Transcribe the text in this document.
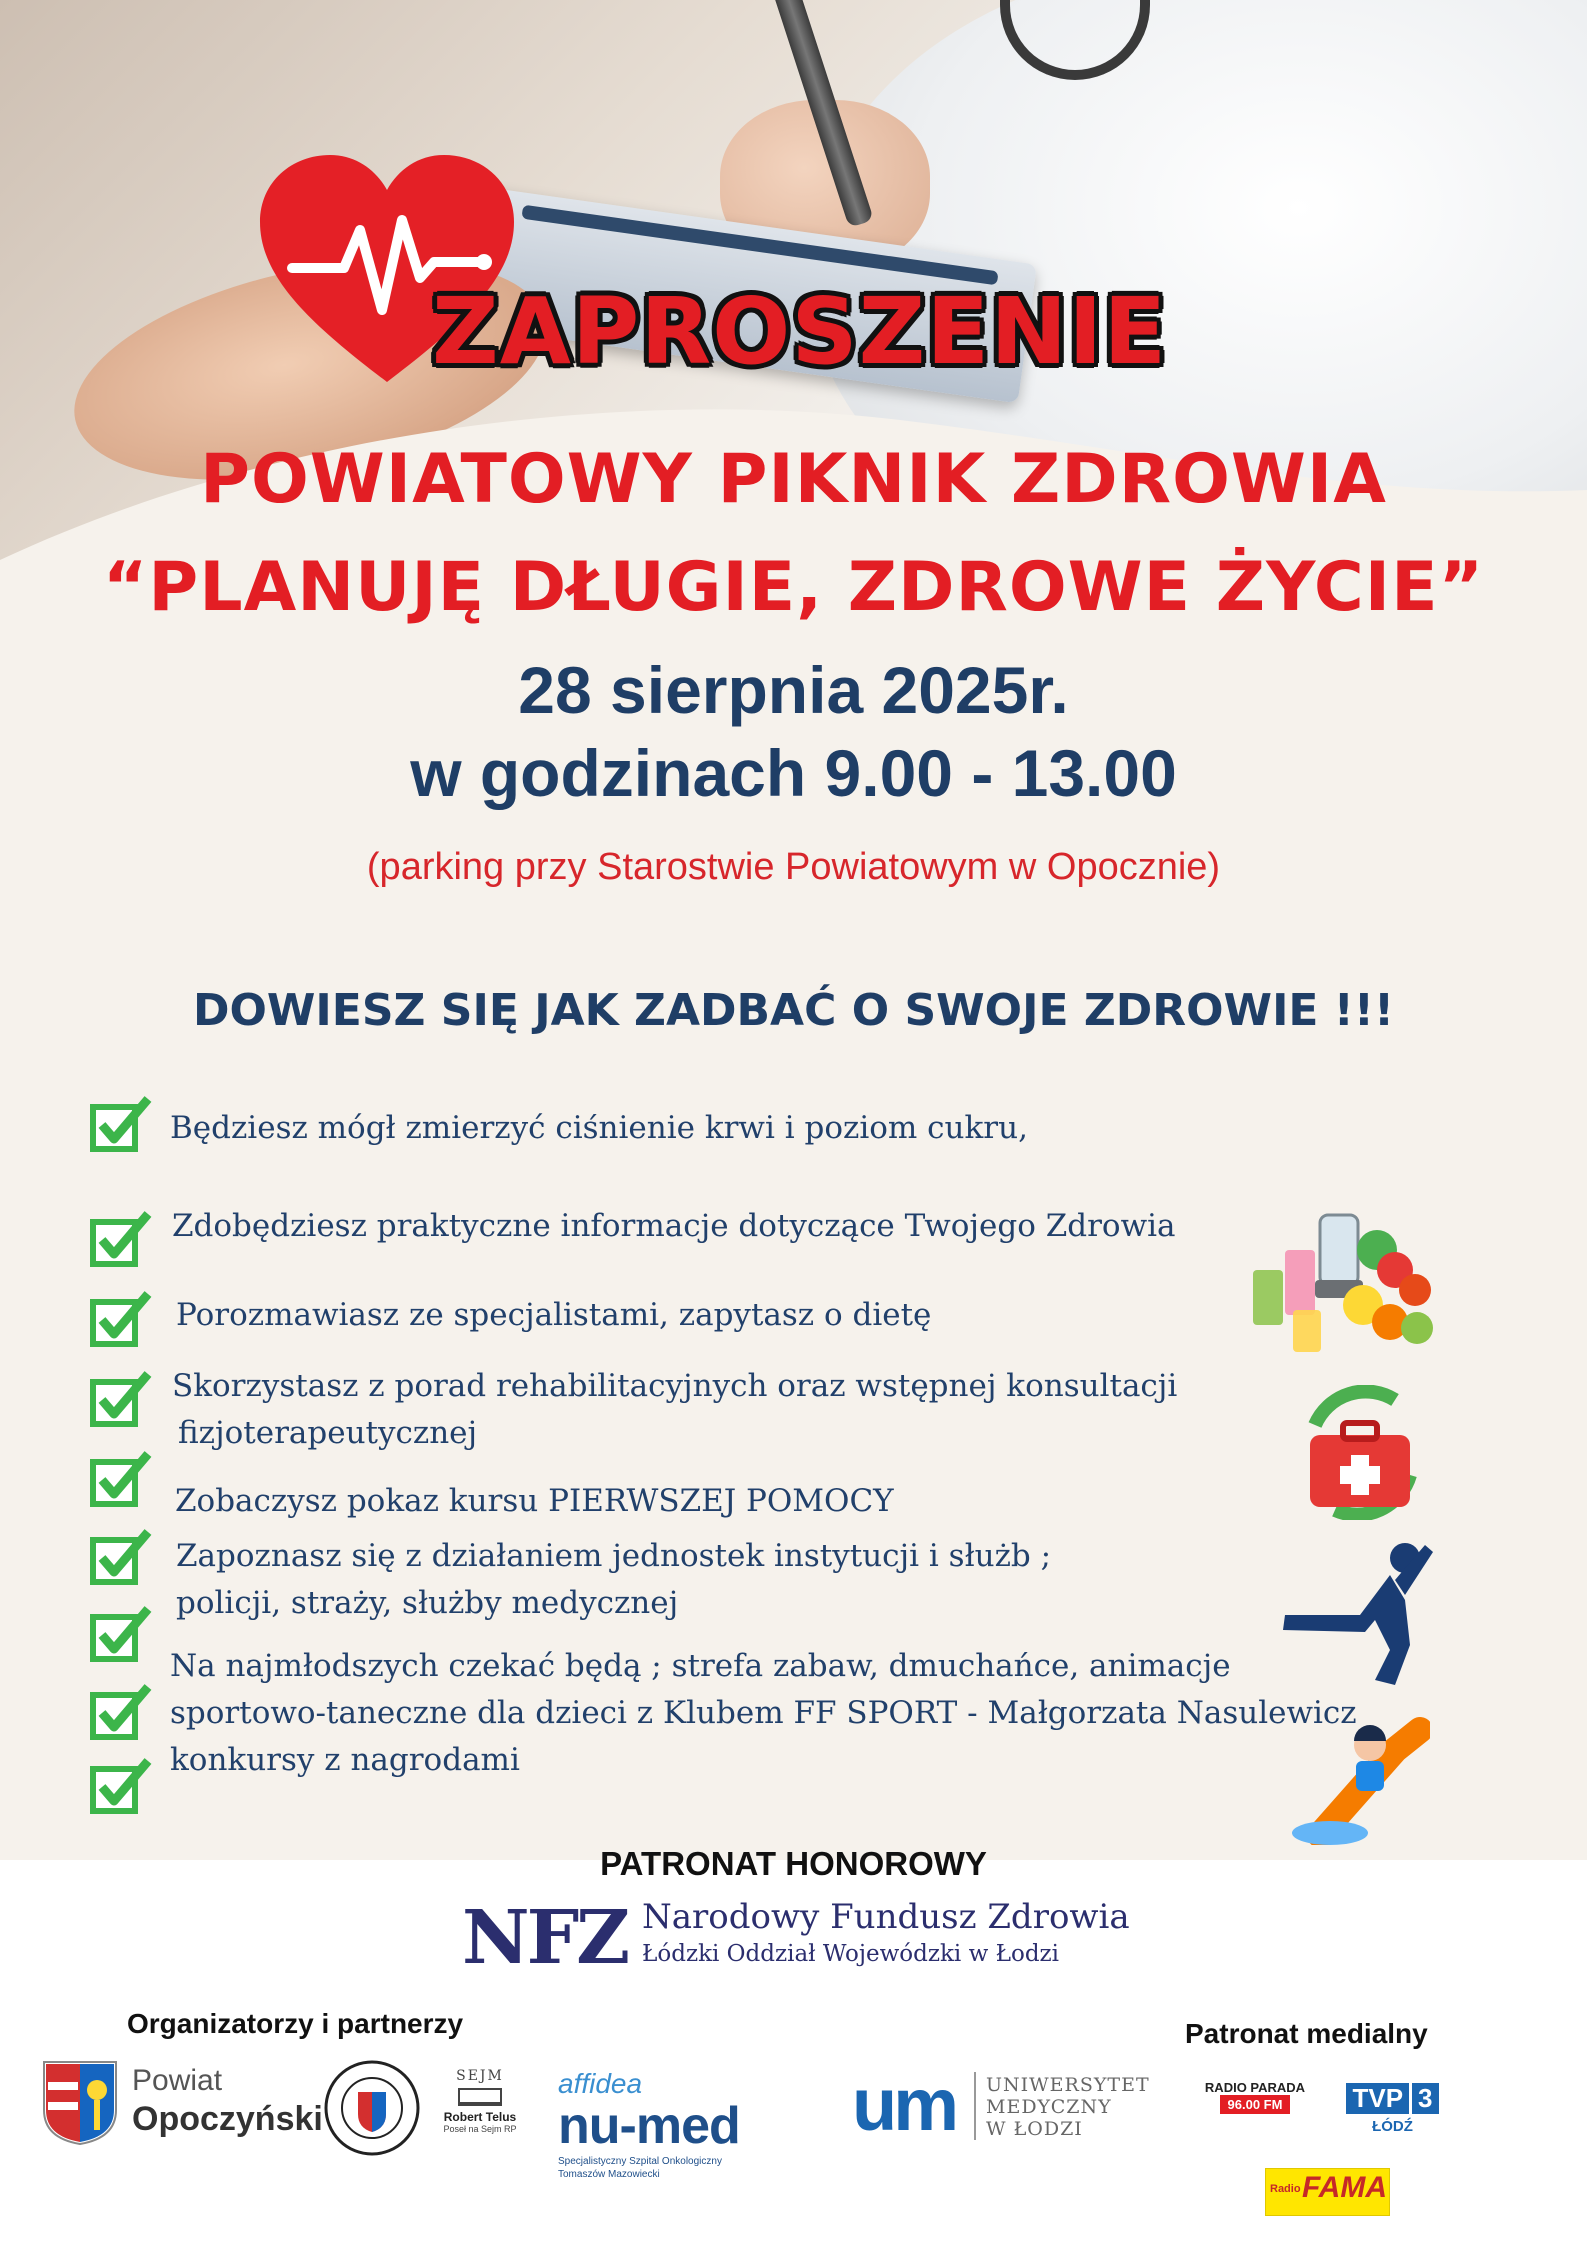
ZAPROSZENIE
POWIATOWY PIKNIK ZDROWIA
“PLANUJĘ DŁUGIE, ZDROWE ŻYCIE”
28 sierpnia 2025r.
w godzinach 9.00 - 13.00
(parking przy Starostwie Powiatowym w Opocznie)
DOWIESZ SIĘ JAK ZADBAĆ O SWOJE ZDROWIE !!!
Będziesz mógł zmierzyć ciśnienie krwi i poziom cukru,
Zdobędziesz praktyczne informacje dotyczące Twojego Zdrowia
Porozmawiasz ze specjalistami, zapytasz o dietę
Skorzystasz z porad rehabilitacyjnych oraz wstępnej konsultacji
fizjoterapeutycznej
Zobaczysz pokaz kursu PIERWSZEJ POMOCY
Zapoznasz się z działaniem jednostek instytucji i służb ;
policji, straży, służby medycznej
Na najmłodszych czekać będą ; strefa zabaw, dmuchańce, animacje
sportowo-taneczne dla dzieci z Klubem FF SPORT - Małgorzata Nasulewicz
konkursy z nagrodami
PATRONAT HONOROWY
NFZ Narodowy Fundusz Zdrowia
Łódzki Oddział Wojewódzki w Łodzi
Organizatorzy i partnerzy	Patronat medialny
Powiat
Opoczyński
SEJM
Robert Telus
Poseł na Sejm RP
affidea
nu-med
Specjalistyczny Szpital Onkologiczny
Tomaszów Mazowiecki
um UNIWERSYTET
MEDYCZNY
W ŁODZI
RADIO PARADA
96.00 FM	TVP 3
ŁÓDŹ
Radio FAMA
